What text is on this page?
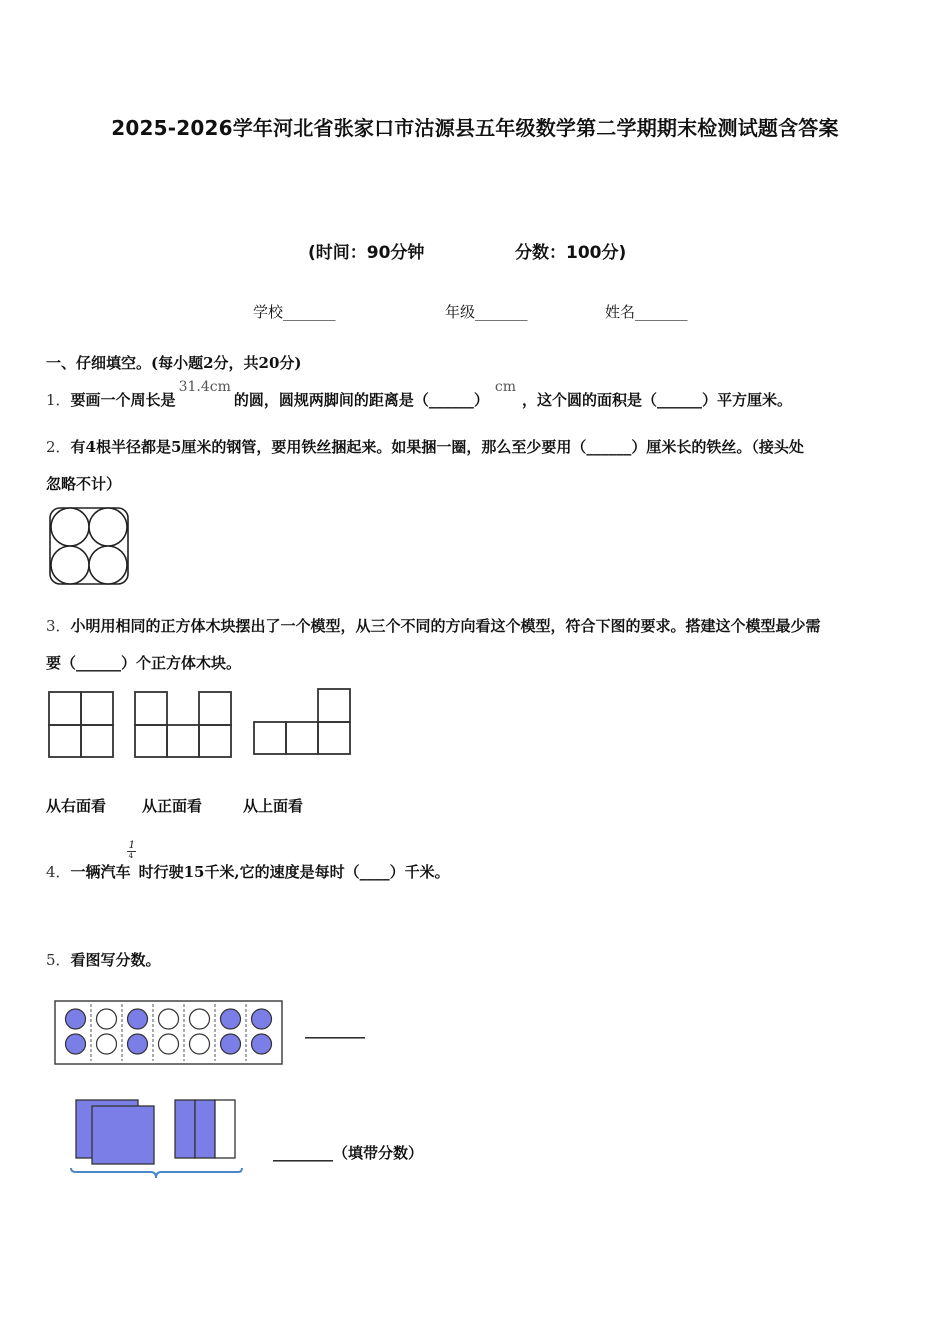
2025-2026学年河北省张家口市沽源县五年级数学第二学期期末检测试题含答案
(时间：90分钟	分数：100分)
学校_______	年级_______	姓名_______
一、仔细填空。(每小题2分，共20分)
1．要画一个周长是31.4cm的圆，圆规两脚间的距离是（______）cm，这个圆的面积是（______）平方厘米。
2．有4根半径都是5厘米的钢管，要用铁丝捆起来。如果捆一圈，那么至少要用（______）厘米长的铁丝。（接头处
忽略不计）
3．小明用相同的正方体木块摆出了一个模型，从三个不同的方向看这个模型，符合下图的要求。搭建这个模型最少需
要（______）个正方体木块。
从右面看 从正面看	从上面看
4．一辆汽车
1
4
时行驶15千米,它的速度是每时（____）千米。
5．看图写分数。
________
________（填带分数）
